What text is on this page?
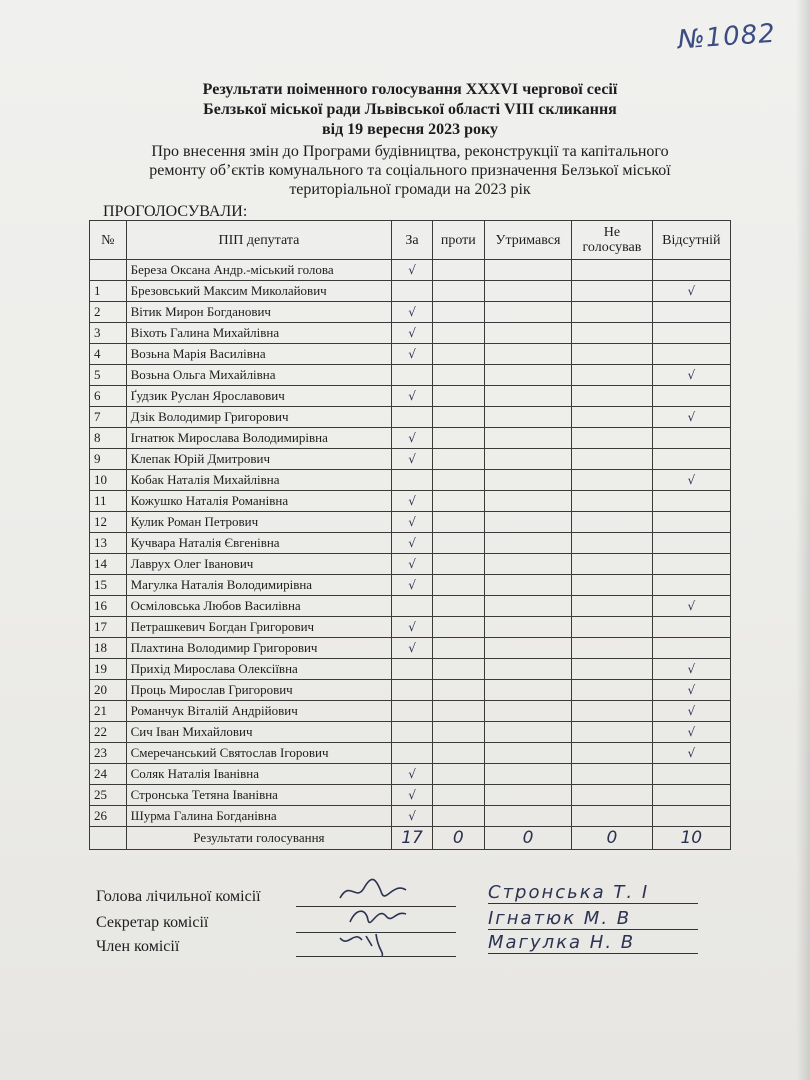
№1082
Результати поіменного голосування XXXVI чергової сесії
Белзької міської ради Львівської області VIII скликання
від 19 вересня 2023 року
Про внесення змін до Програми будівництва, реконструкції та капітального
ремонту об’єктів комунального та соціального призначення Белзької міської
територіальної громади на 2023 рік
ПРОГОЛОСУВАЛИ:
№	ПІП депутата	За	проти	Утримався	Не голосував	Відсутній
	Береза Оксана Андр.-міський голова	√				
1	Брезовський Максим Миколайович					√
2	Вітик Мирон Богданович	√				
3	Віхоть Галина Михайлівна	√				
4	Возьна Марія Василівна	√				
5	Возьна Ольга Михайлівна					√
6	Ґудзик Руслан Ярославович	√				
7	Дзік Володимир Григорович					√
8	Ігнатюк Мирослава Володимирівна	√				
9	Клепак Юрій Дмитрович	√				
10	Кобак Наталія Михайлівна					√
11	Кожушко Наталія Романівна	√				
12	Кулик Роман Петрович	√				
13	Кучвара Наталія Євгенівна	√				
14	Лаврух Олег Іванович	√				
15	Магулка Наталія Володимирівна	√				
16	Осміловська Любов Василівна					√
17	Петрашкевич Богдан Григорович	√				
18	Плахтина Володимир Григорович	√				
19	Прихід Мирослава Олексіївна					√
20	Проць Мирослав Григорович					√
21	Романчук Віталій Андрійович					√
22	Сич Іван Михайлович					√
23	Смеречанський Святослав Ігорович					√
24	Соляк Наталія Іванівна	√				
25	Стронська Тетяна Іванівна	√				
26	Шурма Галина Богданівна	√				
	Результати голосування	17	0	0	0	10
Голова лічильної комісії	Стронська Т. І
Секретар комісії	Ігнатюк М. В
Член комісії	Магулка Н. В
